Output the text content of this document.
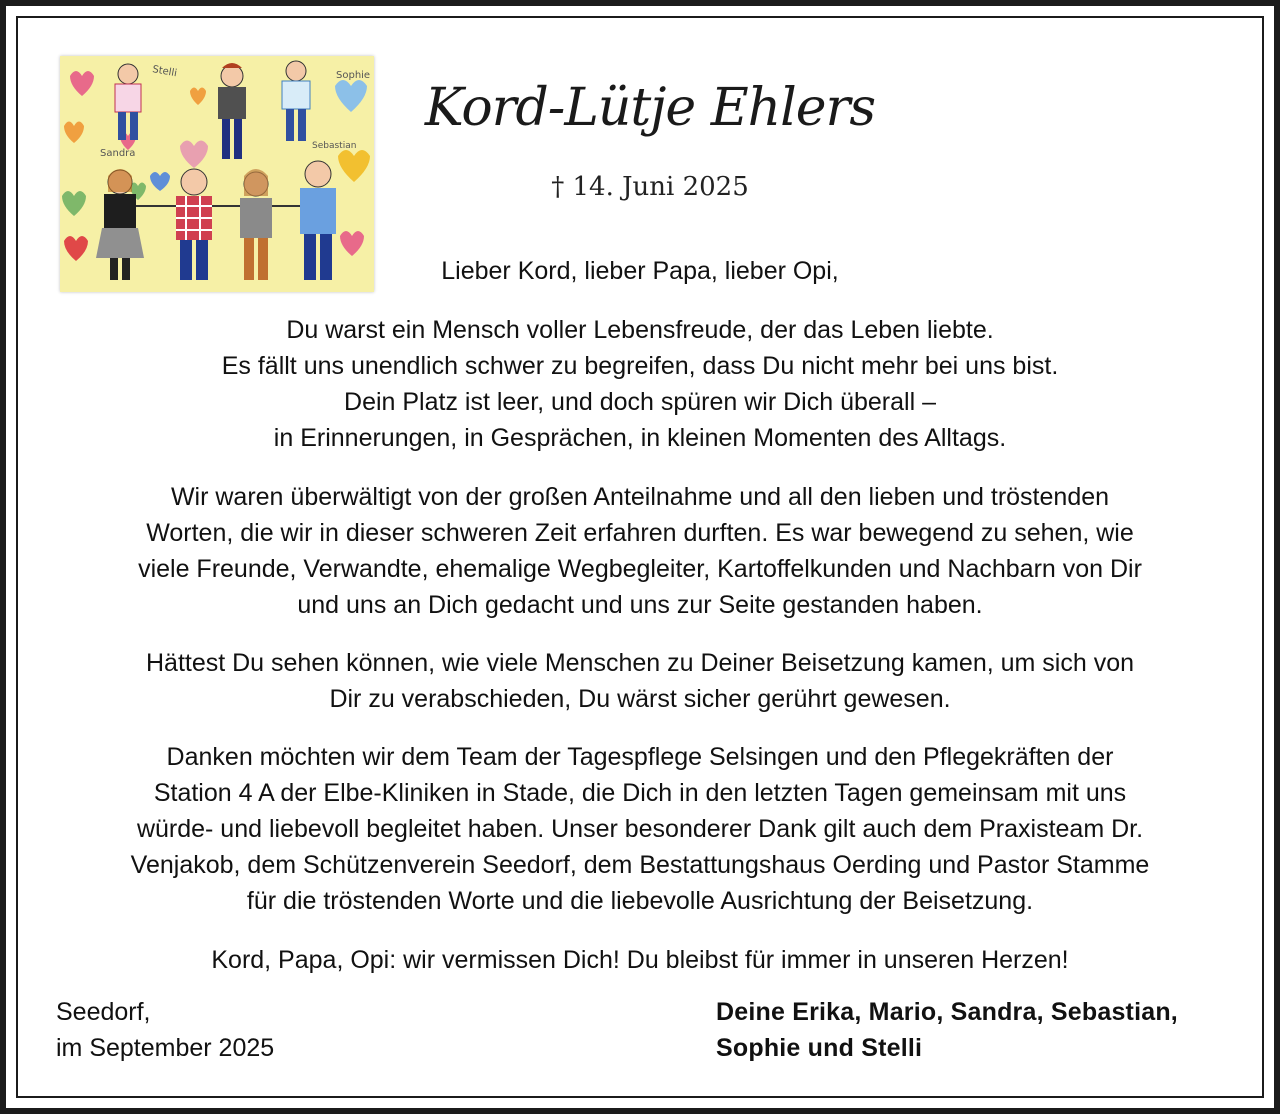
Stelli	Sophie
Sandra
Sebastian
Kord-Lütje Ehlers
† 14. Juni 2025
Lieber Kord, lieber Papa, lieber Opi,
Du warst ein Mensch voller Lebensfreude, der das Leben liebte.
Es fällt uns unendlich schwer zu begreifen, dass Du nicht mehr bei uns bist.
Dein Platz ist leer, und doch spüren wir Dich überall –
in Erinnerungen, in Gesprächen, in kleinen Momenten des Alltags.
Wir waren überwältigt von der großen Anteilnahme und all den lieben und tröstenden
Worten, die wir in dieser schweren Zeit erfahren durften. Es war bewegend zu sehen, wie
viele Freunde, Verwandte, ehemalige Wegbegleiter, Kartoffelkunden und Nachbarn von Dir
und uns an Dich gedacht und uns zur Seite gestanden haben.
Hättest Du sehen können, wie viele Menschen zu Deiner Beisetzung kamen, um sich von
Dir zu verabschieden, Du wärst sicher gerührt gewesen.
Danken möchten wir dem Team der Tagespflege Selsingen und den Pflegekräften der
Station 4 A der Elbe-Kliniken in Stade, die Dich in den letzten Tagen gemeinsam mit uns
würde- und liebevoll begleitet haben. Unser besonderer Dank gilt auch dem Praxisteam Dr.
Venjakob, dem Schützenverein Seedorf, dem Bestattungshaus Oerding und Pastor Stamme
für die tröstenden Worte und die liebevolle Ausrichtung der Beisetzung.
Kord, Papa, Opi: wir vermissen Dich! Du bleibst für immer in unseren Herzen!
Seedorf,
im September 2025
Deine Erika, Mario, Sandra, Sebastian,
Sophie und Stelli
